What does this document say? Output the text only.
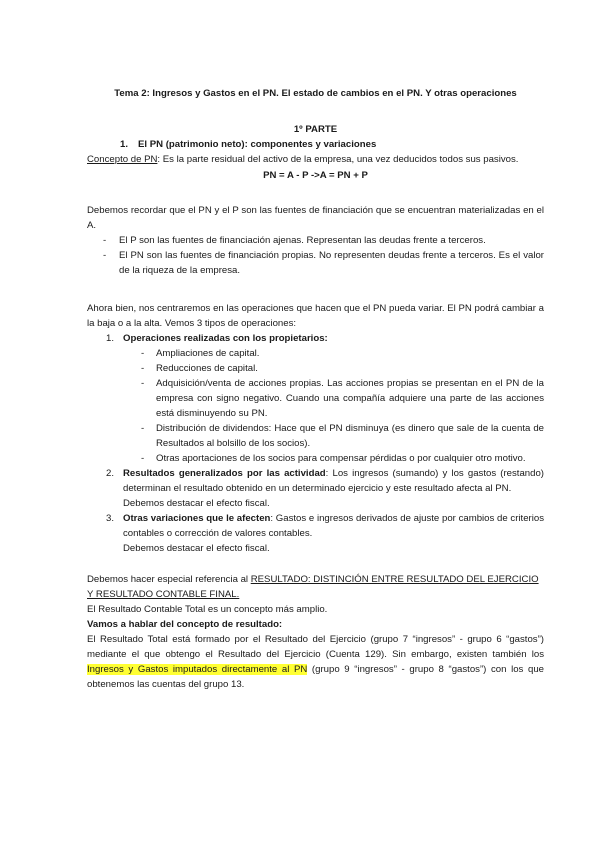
Tema 2: Ingresos y Gastos en el PN. El estado de cambios en el PN. Y otras operaciones

1º PARTE

1. El PN (patrimonio neto): componentes y variaciones

Concepto de PN: Es la parte residual del activo de la empresa, una vez deducidos todos sus pasivos.

PN = A - P ->A = PN + P

Debemos recordar que el PN y el P son las fuentes de financiación que se encuentran materializadas en el A.

- El P son las fuentes de financiación ajenas. Representan las deudas frente a terceros.
- El PN son las fuentes de financiación propias. No representen deudas frente a terceros. Es el valor de la riqueza de la empresa.

Ahora bien, nos centraremos en las operaciones que hacen que el PN pueda variar. El PN podrá cambiar a la baja o a la alta. Vemos 3 tipos de operaciones:

1. Operaciones realizadas con los propietarios:
- Ampliaciones de capital.
- Reducciones de capital.
- Adquisición/venta de acciones propias. Las acciones propias se presentan en el PN de la empresa con signo negativo. Cuando una compañía adquiere una parte de las acciones está disminuyendo su PN.
- Distribución de dividendos: Hace que el PN disminuya (es dinero que sale de la cuenta de Resultados al bolsillo de los socios).
- Otras aportaciones de los socios para compensar pérdidas o por cualquier otro motivo.
2. Resultados generalizados por las actividad: Los ingresos (sumando) y los gastos (restando) determinan el resultado obtenido en un determinado ejercicio y este resultado afecta al PN.
Debemos destacar el efecto fiscal.
3. Otras variaciones que le afecten: Gastos e ingresos derivados de ajuste por cambios de criterios contables o corrección de valores contables.
Debemos destacar el efecto fiscal.

Debemos hacer especial referencia al RESULTADO: DISTINCIÓN ENTRE RESULTADO DEL EJERCICIO Y RESULTADO CONTABLE FINAL.

El Resultado Contable Total es un concepto más amplio.

Vamos a hablar del concepto de resultado:

El Resultado Total está formado por el Resultado del Ejercicio (grupo 7 “ingresos” - grupo 6 “gastos”) mediante el que obtengo el Resultado del Ejercicio (Cuenta 129). Sin embargo, existen también los Ingresos y Gastos imputados directamente al PN (grupo 9 “ingresos” - grupo 8 “gastos”) con los que obtenemos las cuentas del grupo 13.
